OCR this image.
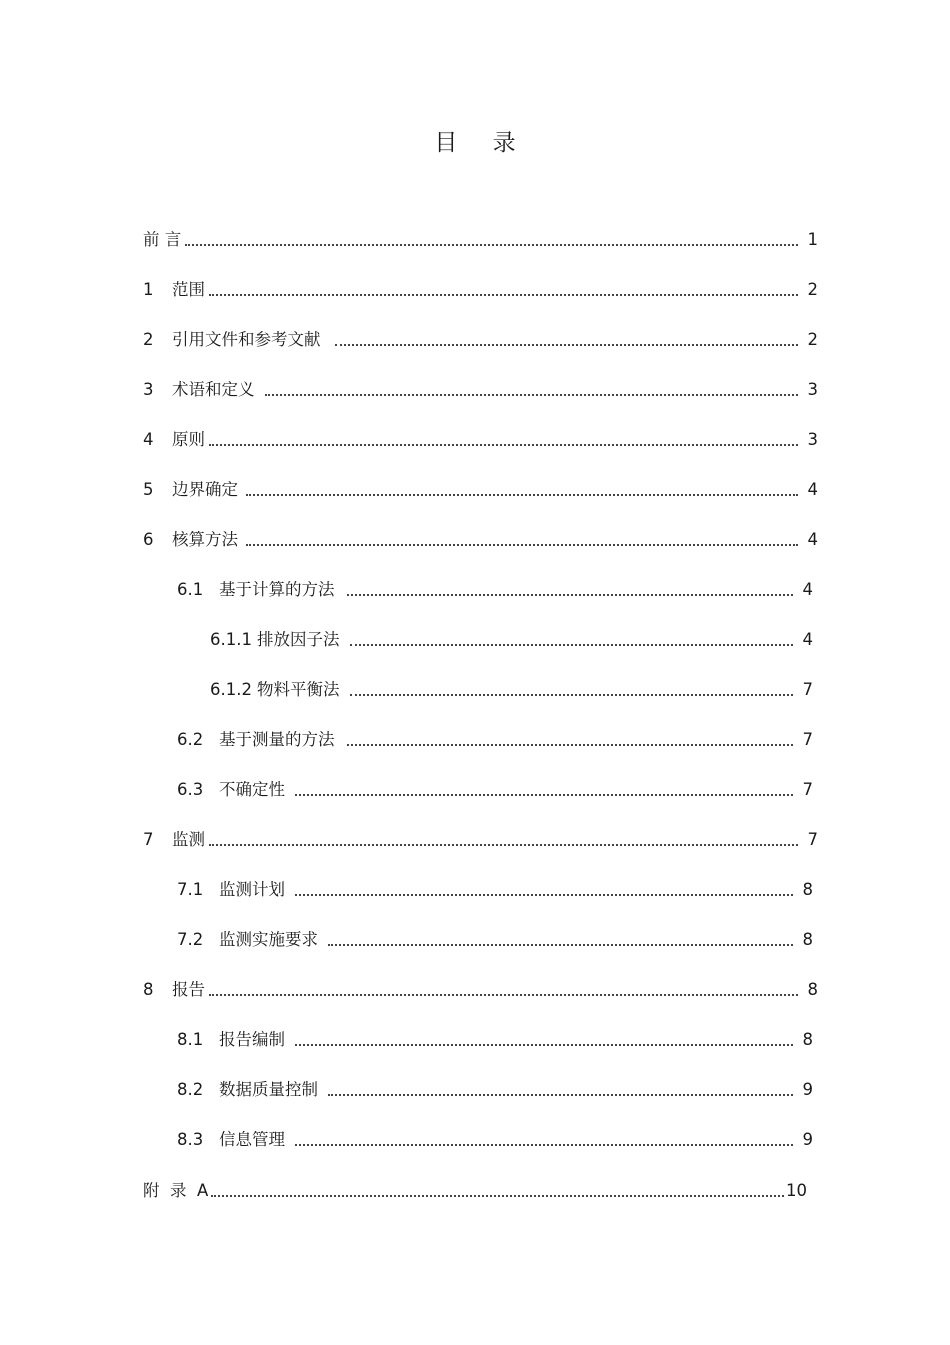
目 录
前 言	1
1	范围	2
2	引用文件和参考文献	2
3	术语和定义	3
4	原则	3
5	边界确定	4
6	核算方法	4
6.1 基于计算的方法	4
6.1.1 排放因子法	4
6.1.2 物料平衡法	7
6.2 基于测量的方法	7
6.3 不确定性	7
7	监测	7
7.1 监测计划	8
7.2 监测实施要求	8
8	报告	8
8.1 报告编制	8
8.2 数据质量控制	9
8.3 信息管理	9
附  录  A	10
